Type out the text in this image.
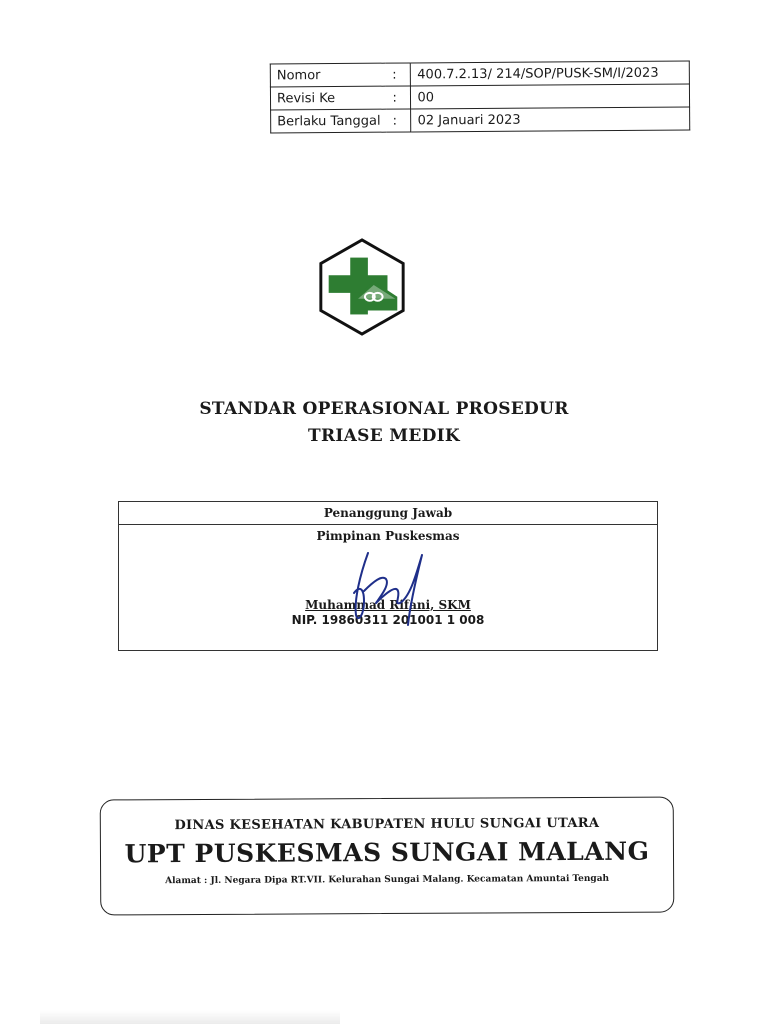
Nomor	:	400.7.2.13/ 214/SOP/PUSK-SM/I/2023
Revisi Ke	:	00
Berlaku Tanggal	:	02 Januari 2023
STANDAR OPERASIONAL PROSEDUR
TRIASE MEDIK
Penanggung Jawab
Pimpinan Puskesmas
Muhammad Rifani, SKM
NIP. 19860311 201001 1 008
DINAS KESEHATAN KABUPATEN HULU SUNGAI UTARA
UPT PUSKESMAS SUNGAI MALANG
Alamat : Jl. Negara Dipa RT.VII. Kelurahan Sungai Malang. Kecamatan Amuntai Tengah
